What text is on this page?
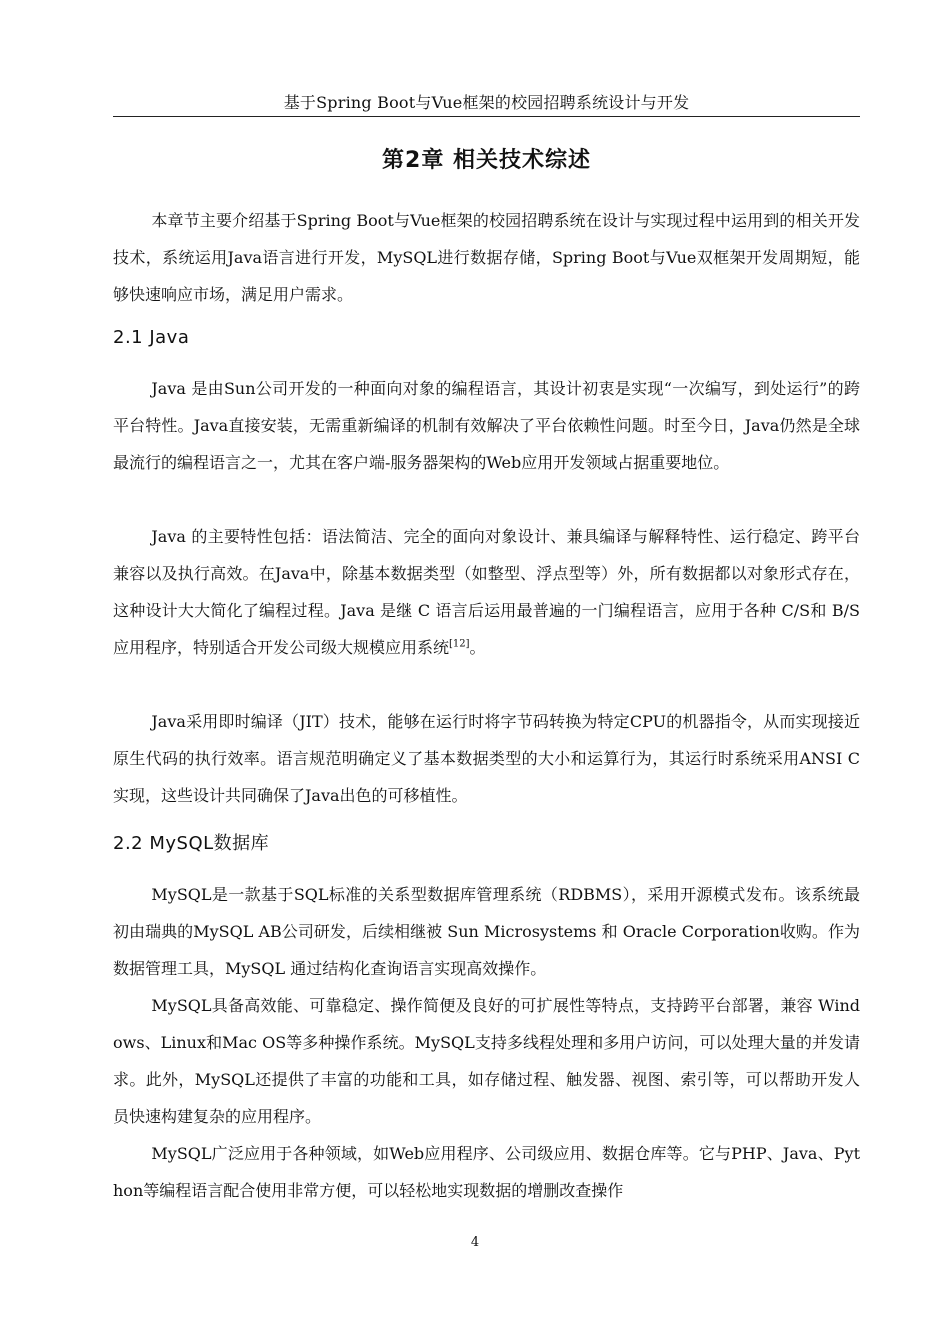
基于Spring Boot与Vue框架的校园招聘系统设计与开发
第2章 相关技术综述

本章节主要介绍基于Spring Boot与Vue框架的校园招聘系统在设计与实现过程中运用到的相关开发技术，系统运用Java语言进行开发，MySQL进行数据存储，Spring Boot与Vue双框架开发周期短，能够快速响应市场，满足用户需求。

2.1 Java

Java 是由Sun公司开发的一种面向对象的编程语言，其设计初衷是实现“一次编写，到处运行”的跨平台特性。Java直接安装，无需重新编译的机制有效解决了平台依赖性问题。时至今日，Java仍然是全球最流行的编程语言之一，尤其在客户端-服务器架构的Web应用开发领域占据重要地位。

Java 的主要特性包括：语法简洁、完全的面向对象设计、兼具编译与解释特性、运行稳定、跨平台兼容以及执行高效。在Java中，除基本数据类型（如整型、浮点型等）外，所有数据都以对象形式存在，这种设计大大简化了编程过程。Java 是继 C 语言后运用最普遍的一门编程语言，应用于各种 C/S和 B/S 应用程序，特别适合开发公司级大规模应用系统[12]。

Java采用即时编译（JIT）技术，能够在运行时将字节码转换为特定CPU的机器指令，从而实现接近原生代码的执行效率。语言规范明确定义了基本数据类型的大小和运算行为，其运行时系统采用ANSI C实现，这些设计共同确保了Java出色的可移植性。

2.2 MySQL数据库

MySQL是一款基于SQL标准的关系型数据库管理系统（RDBMS），采用开源模式发布。该系统最初由瑞典的MySQL AB公司研发，后续相继被 Sun Microsystems 和 Oracle Corporation收购。作为数据管理工具，MySQL 通过结构化查询语言实现高效操作。

MySQL具备高效能、可靠稳定、操作简便及良好的可扩展性等特点，支持跨平台部署，兼容 Windows、Linux和Mac OS等多种操作系统。MySQL支持多线程处理和多用户访问，可以处理大量的并发请求。此外，MySQL还提供了丰富的功能和工具，如存储过程、触发器、视图、索引等，可以帮助开发人员快速构建复杂的应用程序。

MySQL广泛应用于各种领域，如Web应用程序、公司级应用、数据仓库等。它与PHP、Java、Python等编程语言配合使用非常方便，可以轻松地实现数据的增删改查操作

4
